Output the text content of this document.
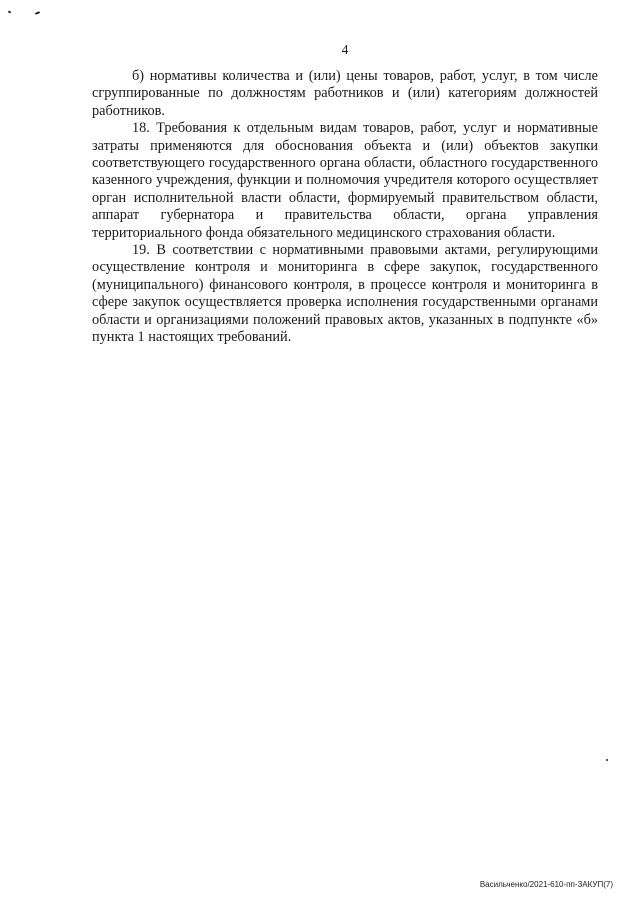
4

б) нормативы количества и (или) цены товаров, работ, услуг, в том числе сгруппированные по должностям работников и (или) категориям должностей работников.

18. Требования к отдельным видам товаров, работ, услуг и нормативные затраты применяются для обоснования объекта и (или) объектов закупки соответствующего государственного органа области, областного государственного казенного учреждения, функции и полномочия учредителя которого осуществляет орган исполнительной власти области, формируемый правительством области, аппарат губернатора и правительства области, органа управления территориального фонда обязательного медицинского страхования области.

19. В соответствии с нормативными правовыми актами, регулирующими осуществление контроля и мониторинга в сфере закупок, государственного (муниципального) финансового контроля, в процессе контроля и мониторинга в сфере закупок осуществляется проверка исполнения государственными органами области и организациями положений правовых актов, указанных в подпункте «б» пункта 1 настоящих требований.

Васильченко/2021-610-пп-ЗАКУП(7)
